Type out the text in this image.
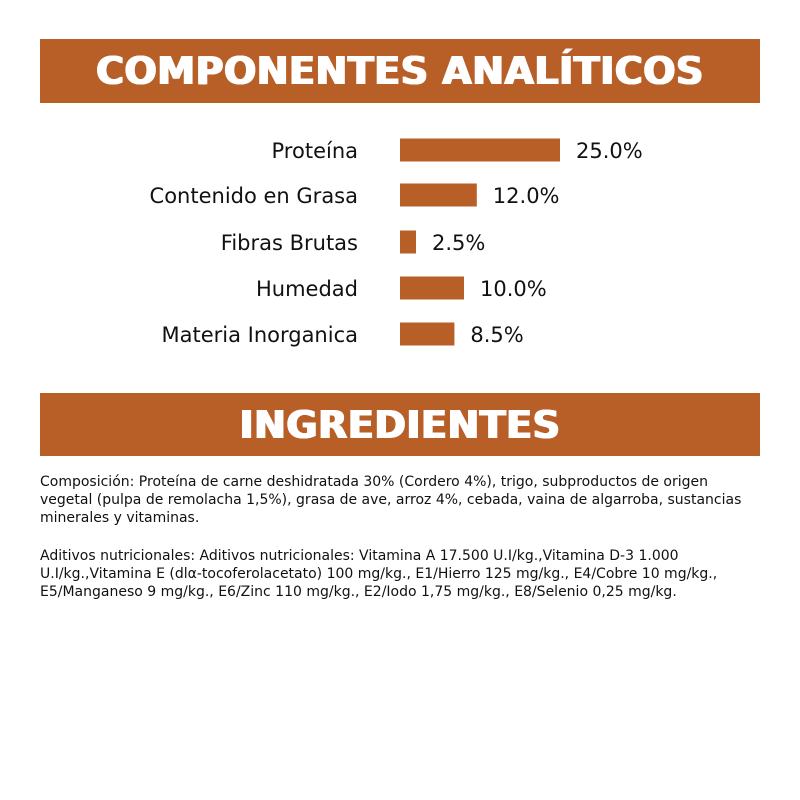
COMPONENTES ANALÍTICOS
Proteína	25.0%
Contenido en Grasa	12.0%
Fibras Brutas	2.5%
Humedad	10.0%
Materia Inorganica	8.5%
INGREDIENTES

Composición: Proteína de carne deshidratada 30% (Cordero 4%), trigo, subproductos de origen vegetal (pulpa de remolacha 1,5%), grasa de ave, arroz 4%, cebada, vaina de algarroba, sustancias minerales y vitaminas.

Aditivos nutricionales: Aditivos nutricionales: Vitamina A 17.500 U.I/kg.,Vitamina D-3 1.000 U.I/kg.,Vitamina E (dlα-tocoferolacetato) 100 mg/kg., E1/Hierro 125 mg/kg., E4/Cobre 10 mg/kg., E5/Manganeso 9 mg/kg., E6/Zinc 110 mg/kg., E2/Iodo 1,75 mg/kg., E8/Selenio 0,25 mg/kg.
